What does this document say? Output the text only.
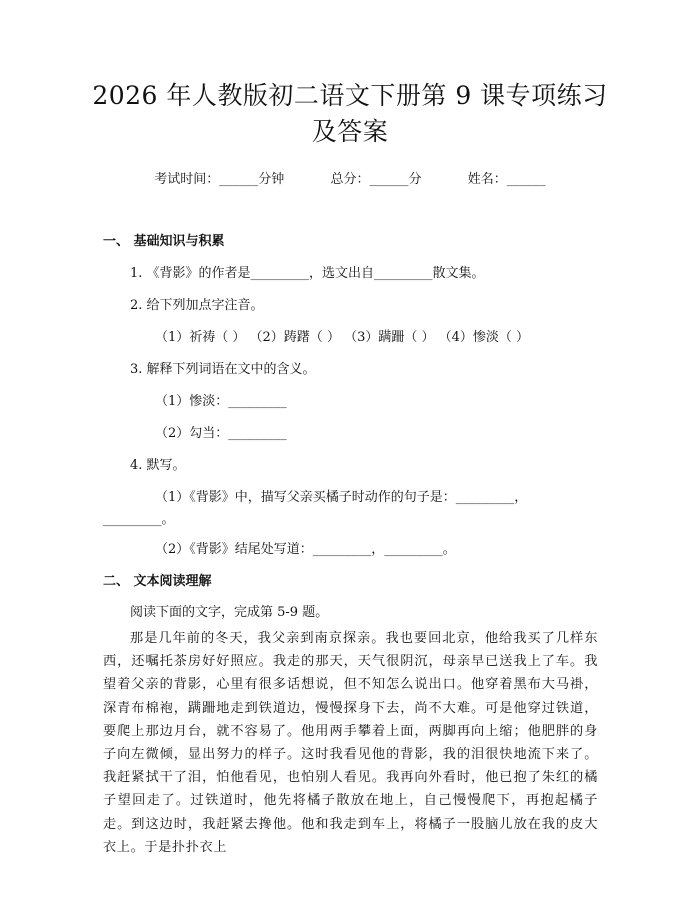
2026 年人教版初二语文下册第 9 课专项练习
及答案
考试时间：______分钟	总分：______分	姓名：______
一、 基础知识与积累
1. 《背影》的作者是_________，选文出自_________散文集。
2. 给下列加点字注音。
（1）祈祷（ ） （2）踌躇（ ） （3）蹒跚（ ） （4）惨淡（ ）
3. 解释下列词语在文中的含义。
（1）惨淡：_________
（2）勾当：_________
4. 默写。
（1）《背影》中，描写父亲买橘子时动作的句子是：_________，
_________。
（2）《背影》结尾处写道：_________，_________。
二、 文本阅读理解
阅读下面的文字，完成第 5-9 题。
那是几年前的冬天，我父亲到南京探亲。我也要回北京，他给我买了几样东西，还嘱托茶房好好照应。我走的那天，天气很阴沉，母亲早已送我上了车。我望着父亲的背影，心里有很多话想说，但不知怎么说出口。他穿着黑布大马褂，深青布棉袍，蹒跚地走到铁道边，慢慢探身下去，尚不大难。可是他穿过铁道，要爬上那边月台，就不容易了。他用两手攀着上面，两脚再向上缩；他肥胖的身子向左微倾，显出努力的样子。这时我看见他的背影，我的泪很快地流下来了。我赶紧拭干了泪，怕他看见，也怕别人看见。我再向外看时，他已抱了朱红的橘子望回走了。过铁道时，他先将橘子散放在地上，自己慢慢爬下，再抱起橘子走。到这边时，我赶紧去搀他。他和我走到车上，将橘子一股脑儿放在我的皮大衣上。于是扑扑衣上
